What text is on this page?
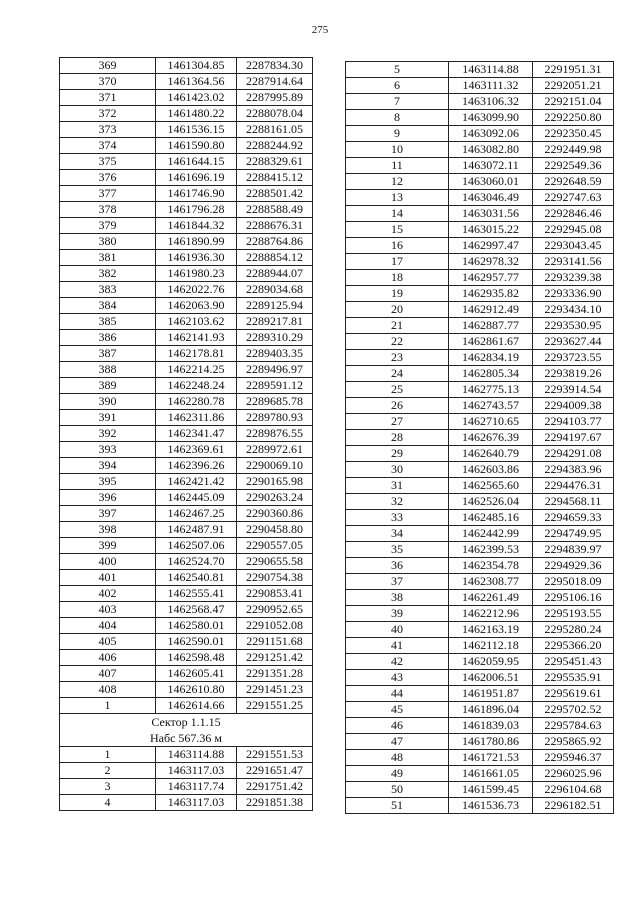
275
369	1461304.85	2287834.30
370	1461364.56	2287914.64
371	1461423.02	2287995.89
372	1461480.22	2288078.04
373	1461536.15	2288161.05
374	1461590.80	2288244.92
375	1461644.15	2288329.61
376	1461696.19	2288415.12
377	1461746.90	2288501.42
378	1461796.28	2288588.49
379	1461844.32	2288676.31
380	1461890.99	2288764.86
381	1461936.30	2288854.12
382	1461980.23	2288944.07
383	1462022.76	2289034.68
384	1462063.90	2289125.94
385	1462103.62	2289217.81
386	1462141.93	2289310.29
387	1462178.81	2289403.35
388	1462214.25	2289496.97
389	1462248.24	2289591.12
390	1462280.78	2289685.78
391	1462311.86	2289780.93
392	1462341.47	2289876.55
393	1462369.61	2289972.61
394	1462396.26	2290069.10
395	1462421.42	2290165.98
396	1462445.09	2290263.24
397	1462467.25	2290360.86
398	1462487.91	2290458.80
399	1462507.06	2290557.05
400	1462524.70	2290655.58
401	1462540.81	2290754.38
402	1462555.41	2290853.41
403	1462568.47	2290952.65
404	1462580.01	2291052.08
405	1462590.01	2291151.68
406	1462598.48	2291251.42
407	1462605.41	2291351.28
408	1462610.80	2291451.23
1	1462614.66	2291551.25

Сектор 1.1.15
Набс 567.36 м		

1	1463114.88	2291551.53
2	1463117.03	2291651.47
3	1463117.74	2291751.42
4	1463117.03	2291851.38
5	1463114.88	2291951.31
6	1463111.32	2292051.21
7	1463106.32	2292151.04
8	1463099.90	2292250.80
9	1463092.06	2292350.45
10	1463082.80	2292449.98
11	1463072.11	2292549.36
12	1463060.01	2292648.59
13	1463046.49	2292747.63
14	1463031.56	2292846.46
15	1463015.22	2292945.08
16	1462997.47	2293043.45
17	1462978.32	2293141.56
18	1462957.77	2293239.38
19	1462935.82	2293336.90
20	1462912.49	2293434.10
21	1462887.77	2293530.95
22	1462861.67	2293627.44
23	1462834.19	2293723.55
24	1462805.34	2293819.26
25	1462775.13	2293914.54
26	1462743.57	2294009.38
27	1462710.65	2294103.77
28	1462676.39	2294197.67
29	1462640.79	2294291.08
30	1462603.86	2294383.96
31	1462565.60	2294476.31
32	1462526.04	2294568.11
33	1462485.16	2294659.33
34	1462442.99	2294749.95
35	1462399.53	2294839.97
36	1462354.78	2294929.36
37	1462308.77	2295018.09
38	1462261.49	2295106.16
39	1462212.96	2295193.55
40	1462163.19	2295280.24
41	1462112.18	2295366.20
42	1462059.95	2295451.43
43	1462006.51	2295535.91
44	1461951.87	2295619.61
45	1461896.04	2295702.52
46	1461839.03	2295784.63
47	1461780.86	2295865.92
48	1461721.53	2295946.37
49	1461661.05	2296025.96
50	1461599.45	2296104.68
51	1461536.73	2296182.51
